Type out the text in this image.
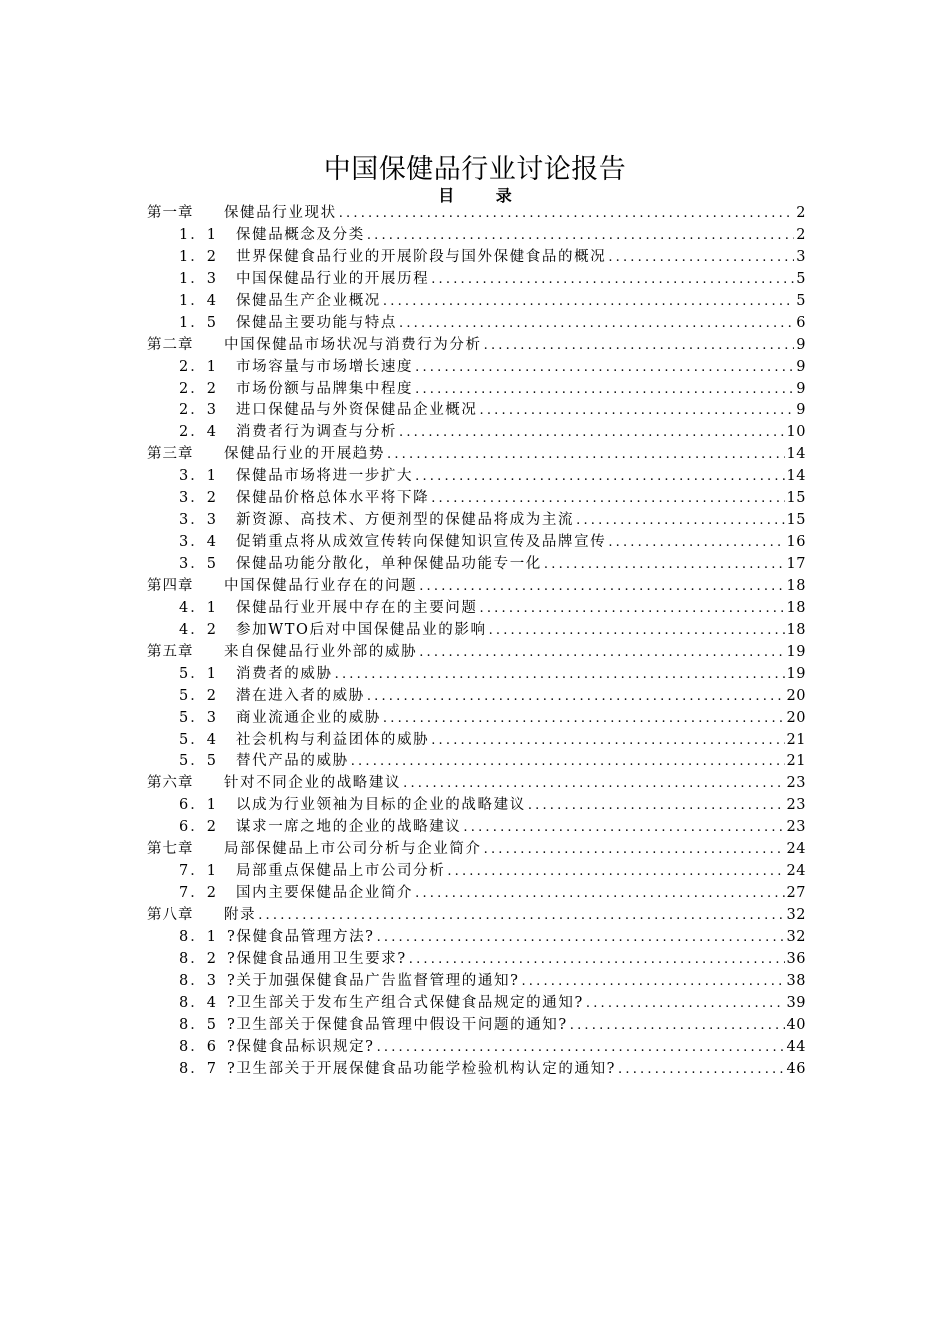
中国保健品行业讨论报告
目 录
第一章	保健品行业现状 .....	2
1．1	保健品概念及分类 .....	2
1．2	世界保健食品行业的开展阶段与国外保健食品的概况 .....	3
1．3	中国保健品行业的开展历程 .....	5
1．4	保健品生产企业概况 .....	5
1．5	保健品主要功能与特点 .....	6
第二章	中国保健品市场状况与消费行为分析 .....	9
2．1	市场容量与市场增长速度 .....	9
2．2	市场份额与品牌集中程度 .....	9
2．3	进口保健品与外资保健品企业概况 .....	9
2．4	消费者行为调查与分析 .....	10
第三章	保健品行业的开展趋势 .....	14
3．1	保健品市场将进一步扩大 .....	14
3．2	保健品价格总体水平将下降 .....	15
3．3	新资源、高技术、方便剂型的保健品将成为主流 .....	15
3．4	促销重点将从成效宣传转向保健知识宣传及品牌宣传 .....	16
3．5	保健品功能分散化，单种保健品功能专一化 .....	17
第四章	中国保健品行业存在的问题 .....	18
4．1	保健品行业开展中存在的主要问题 .....	18
4．2	参加WTO后对中国保健品业的影响 .....	18
第五章	来自保健品行业外部的威胁 .....	19
5．1	消费者的威胁 .....	19
5．2	潜在进入者的威胁 .....	20
5．3	商业流通企业的威胁 .....	20
5．4	社会机构与利益团体的威胁 .....	21
5．5	替代产品的威胁 .....	21
第六章	针对不同企业的战略建议 .....	23
6．1	以成为行业领袖为目标的企业的战略建议 .....	23
6．2	谋求一席之地的企业的战略建议 .....	23
第七章	局部保健品上市公司分析与企业简介 .....	24
7．1	局部重点保健品上市公司分析 .....	24
7．2	国内主要保健品企业简介 .....	27
第八章	附录 .....	32
8．1 ?保健食品管理方法? .....	32
8．2 ?保健食品通用卫生要求? .....	36
8．3 ?关于加强保健食品广告监督管理的通知? .....	38
8．4 ?卫生部关于发布生产组合式保健食品规定的通知? .....	39
8．5 ?卫生部关于保健食品管理中假设干问题的通知? .....	40
8．6 ?保健食品标识规定? .....	44
8．7 ?卫生部关于开展保健食品功能学检验机构认定的通知? .....	46
